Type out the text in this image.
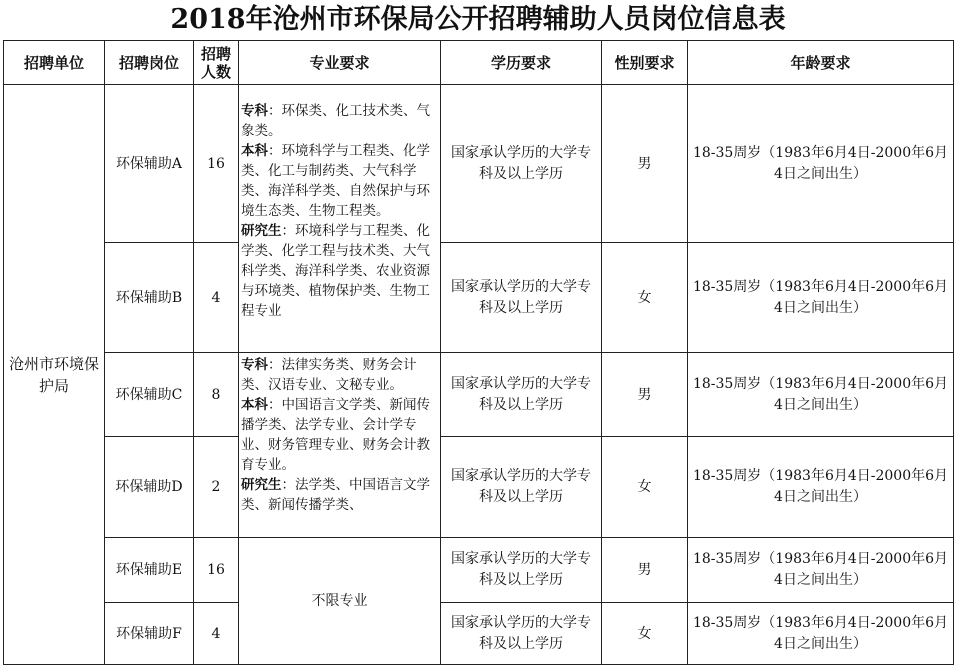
2018年沧州市环保局公开招聘辅助人员岗位信息表
招聘单位	招聘岗位	招聘人数	专业要求	学历要求	性别要求	年龄要求

沧州市环境保护局	环保辅助A	16	专科：环保类、化工技术类、气象类。
本科：环境科学与工程类、化学类、化工与制药类、大气科学类、海洋科学类、自然保护与环境生态类、生物工程类。
研究生：环境科学与工程类、化学类、化学工程与技术类、大气科学类、海洋科学类、农业资源与环境类、植物保护类、生物工程专业	国家承认学历的大学专科及以上学历	男	18-35周岁（1983年6月4日-2000年6月4日之间出生）
	环保辅助B	4		国家承认学历的大学专科及以上学历	女	18-35周岁（1983年6月4日-2000年6月4日之间出生）
	环保辅助C	8	专科：法律实务类、财务会计类、汉语专业、文秘专业。
本科：中国语言文学类、新闻传播学类、法学专业、会计学专业、财务管理专业、财务会计教育专业。
研究生：法学类、中国语言文学类、新闻传播学类、	国家承认学历的大学专科及以上学历	男	18-35周岁（1983年6月4日-2000年6月4日之间出生）
	环保辅助D	2		国家承认学历的大学专科及以上学历	女	18-35周岁（1983年6月4日-2000年6月4日之间出生）
	环保辅助E	16	不限专业	国家承认学历的大学专科及以上学历	男	18-35周岁（1983年6月4日-2000年6月4日之间出生）
	环保辅助F	4		国家承认学历的大学专科及以上学历	女	18-35周岁（1983年6月4日-2000年6月4日之间出生）
